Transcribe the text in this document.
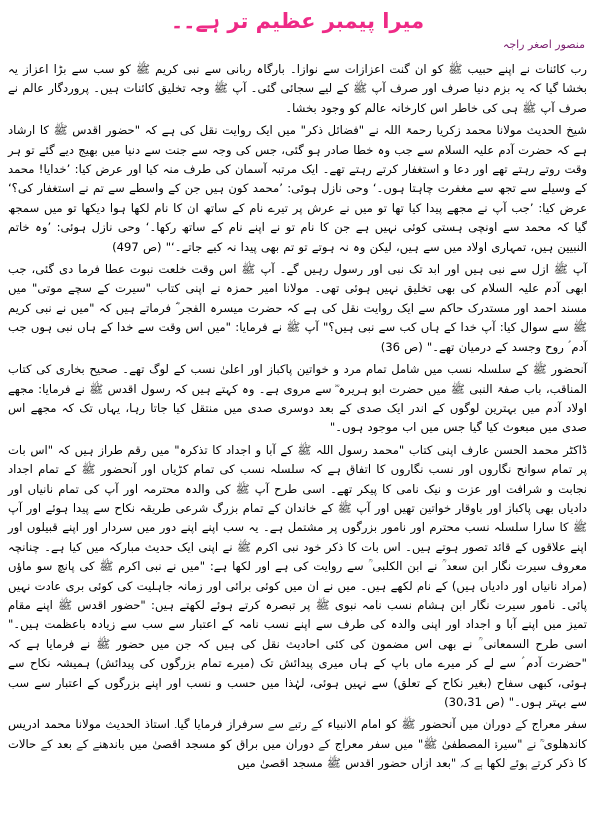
میرا پیمبر عظیم تر ہے۔۔
منصور اصغر راجہ

رب کائنات نے اپنے حبیب ﷺ کو ان گنت اعزازات سے نوازا۔ بارگاہ ربانی سے نبی کریم ﷺ کو سب سے بڑا اعزاز یہ بخشا گیا کہ یہ بزم دنیا صرف اور صرف آپ ﷺ کے لیے سجائی گئی۔ آپ ﷺ وجہ تخلیق کائنات ہیں۔ پروردگار عالم نے صرف آپ ﷺ ہی کی خاطر اس کارخانہ عالم کو وجود بخشا۔

شیخ الحدیث مولانا محمد زکریا رحمۃ اللہ نے "فضائل ذکر" میں ایک روایت نقل کی ہے کہ "حضور اقدس ﷺ کا ارشاد ہے کہ حضرت آدم علیہ السلام سے جب وہ خطا صادر ہو گئی، جس کی وجہ سے جنت سے دنیا میں بھیج دیے گئے تو ہر وقت روتے رہتے تھے اور دعا و استغفار کرتے رہتے تھے۔ ایک مرتبہ آسمان کی طرف منہ کیا اور عرض کیا: ’خدایا! محمد کے وسیلے سے تجھ سے مغفرت چاہتا ہوں۔‘ وحی نازل ہوئی: ’محمد کون ہیں جن کے واسطے سے تم نے استغفار کی؟‘ عرض کیا: ’جب آپ نے مجھے پیدا کیا تھا تو میں نے عرش پر تیرے نام کے ساتھ ان کا نام لکھا ہوا دیکھا تو میں سمجھ گیا کہ محمد سے اونچی ہستی کوئی نہیں ہے جن کا نام تو نے اپنے نام کے ساتھ رکھا۔‘ وحی نازل ہوئی: ’وہ خاتم النبیین ہیں، تمہاری اولاد میں سے ہیں، لیکن وہ نہ ہوتے تو تم بھی پیدا نہ کیے جاتے۔‘" (ص 497)

آپ ﷺ ازل سے نبی ہیں اور ابد تک نبی اور رسول رہیں گے۔ آپ ﷺ اس وقت خلعت نبوت عطا فرما دی گئی، جب ابھی آدم علیہ السلام کی بھی تخلیق نہیں ہوئی تھی۔ مولانا امیر حمزہ نے اپنی کتاب "سیرت کے سچے موتی" میں مسند احمد اور مستدرک حاکم سے ایک روایت نقل کی ہے کہ حضرت میسرہ الفجر ؓ فرماتے ہیں کہ "میں نے نبی کریم ﷺ سے سوال کیا: آپ خدا کے ہاں کب سے نبی ہیں؟" آپ ﷺ نے فرمایا: "میں اس وقت سے خدا کے ہاں نبی ہوں جب آدم ؑ روح وجسد کے درمیان تھے۔" (ص 36)

آنحضور ﷺ کے سلسلہ نسب میں شامل تمام مرد و خواتین پاکباز اور اعلیٰ نسب کے لوگ تھے۔ صحیح بخاری کی کتاب المناقب، باب صفۃ النبی ﷺ میں حضرت ابو ہریرہ ؓ سے مروی ہے۔ وہ کہتے ہیں کہ رسول اقدس ﷺ نے فرمایا: مجھے اولاد آدم میں بہترین لوگوں کے اندر ایک صدی کے بعد دوسری صدی میں منتقل کیا جاتا رہا، یہاں تک کہ مجھے اس صدی میں مبعوث کیا گیا جس میں اب موجود ہوں۔"

ڈاکٹر محمد الحسن عارف اپنی کتاب "محمد رسول اللہ ﷺ کے آبا و اجداد کا تذکرہ" میں رقم طراز ہیں کہ "اس بات پر تمام سوانح نگاروں اور نسب نگاروں کا اتفاق ہے کہ سلسلہ نسب کی تمام کڑیاں اور آنحضور ﷺ کے تمام اجداد نجابت و شرافت اور عزت و نیک نامی کا پیکر تھے۔ اسی طرح آپ ﷺ کی والدہ محترمہ اور آپ کی تمام نانیاں اور دادیاں بھی پاکباز اور باوقار خواتین تھیں اور آپ ﷺ کے خاندان کے تمام بزرگ شرعی طریقہ نکاح سے پیدا ہوئے اور آپ ﷺ کا سارا سلسلہ نسب محترم اور نامور بزرگوں پر مشتمل ہے۔ یہ سب اپنے اپنے دور میں سردار اور اپنے قبیلوں اور اپنے علاقوں کے قائد تصور ہوتے ہیں۔ اس بات کا ذکر خود نبی اکرم ﷺ نے اپنی ایک حدیث مبارکہ میں کیا ہے۔ چنانچہ معروف سیرت نگار ابن سعد ؒ نے ابن الکلبی ؒ سے روایت کی ہے اور لکھا ہے: "میں نے نبی اکرم ﷺ کی پانچ سو ماؤں (مراد نانیاں اور دادیاں ہیں) کے نام لکھے ہیں۔ میں نے ان میں کوئی برائی اور زمانہ جاہلیت کی کوئی بری عادت نہیں پائی۔ نامور سیرت نگار ابن ہشام نسب نامہ نبوی ﷺ پر تبصرہ کرتے ہوئے لکھتے ہیں: "حضور اقدس ﷺ اپنے مقام تمیز میں اپنے آبا و اجداد اور اپنی والدہ کی طرف سے اپنے نسب نامہ کے اعتبار سے سب سے زیادہ باعظمت ہیں۔" اسی طرح السمعانی ؒ نے بھی اس مضمون کی کئی احادیث نقل کی ہیں کہ جن میں حضور ﷺ نے فرمایا ہے کہ "حضرت آدم ؑ سے لے کر میرے ماں باپ کے ہاں میری پیدائش تک (میرے تمام بزرگوں کی پیدائش) ہمیشہ نکاح سے ہوئی، کبھی سفاح (بغیر نکاح کے تعلق) سے نہیں ہوئی، لہٰذا میں حسب و نسب اور اپنے بزرگوں کے اعتبار سے سب سے بہتر ہوں۔" (ص 30،31)

سفر معراج کے دوران میں آنحضور ﷺ کو امام الانبیاء کے رتبے سے سرفراز فرمایا گیا۔ استاذ الحدیث مولانا محمد ادریس کاندھلوی ؒ نے "سیرۃ المصطفیٰ ﷺ" میں سفر معراج کے دوران میں براق کو مسجد اقصیٰ میں باندھنے کے بعد کے حالات کا ذکر کرتے ہوئے لکھا ہے کہ "بعد ازاں حضور اقدس ﷺ مسجد اقصیٰ میں
